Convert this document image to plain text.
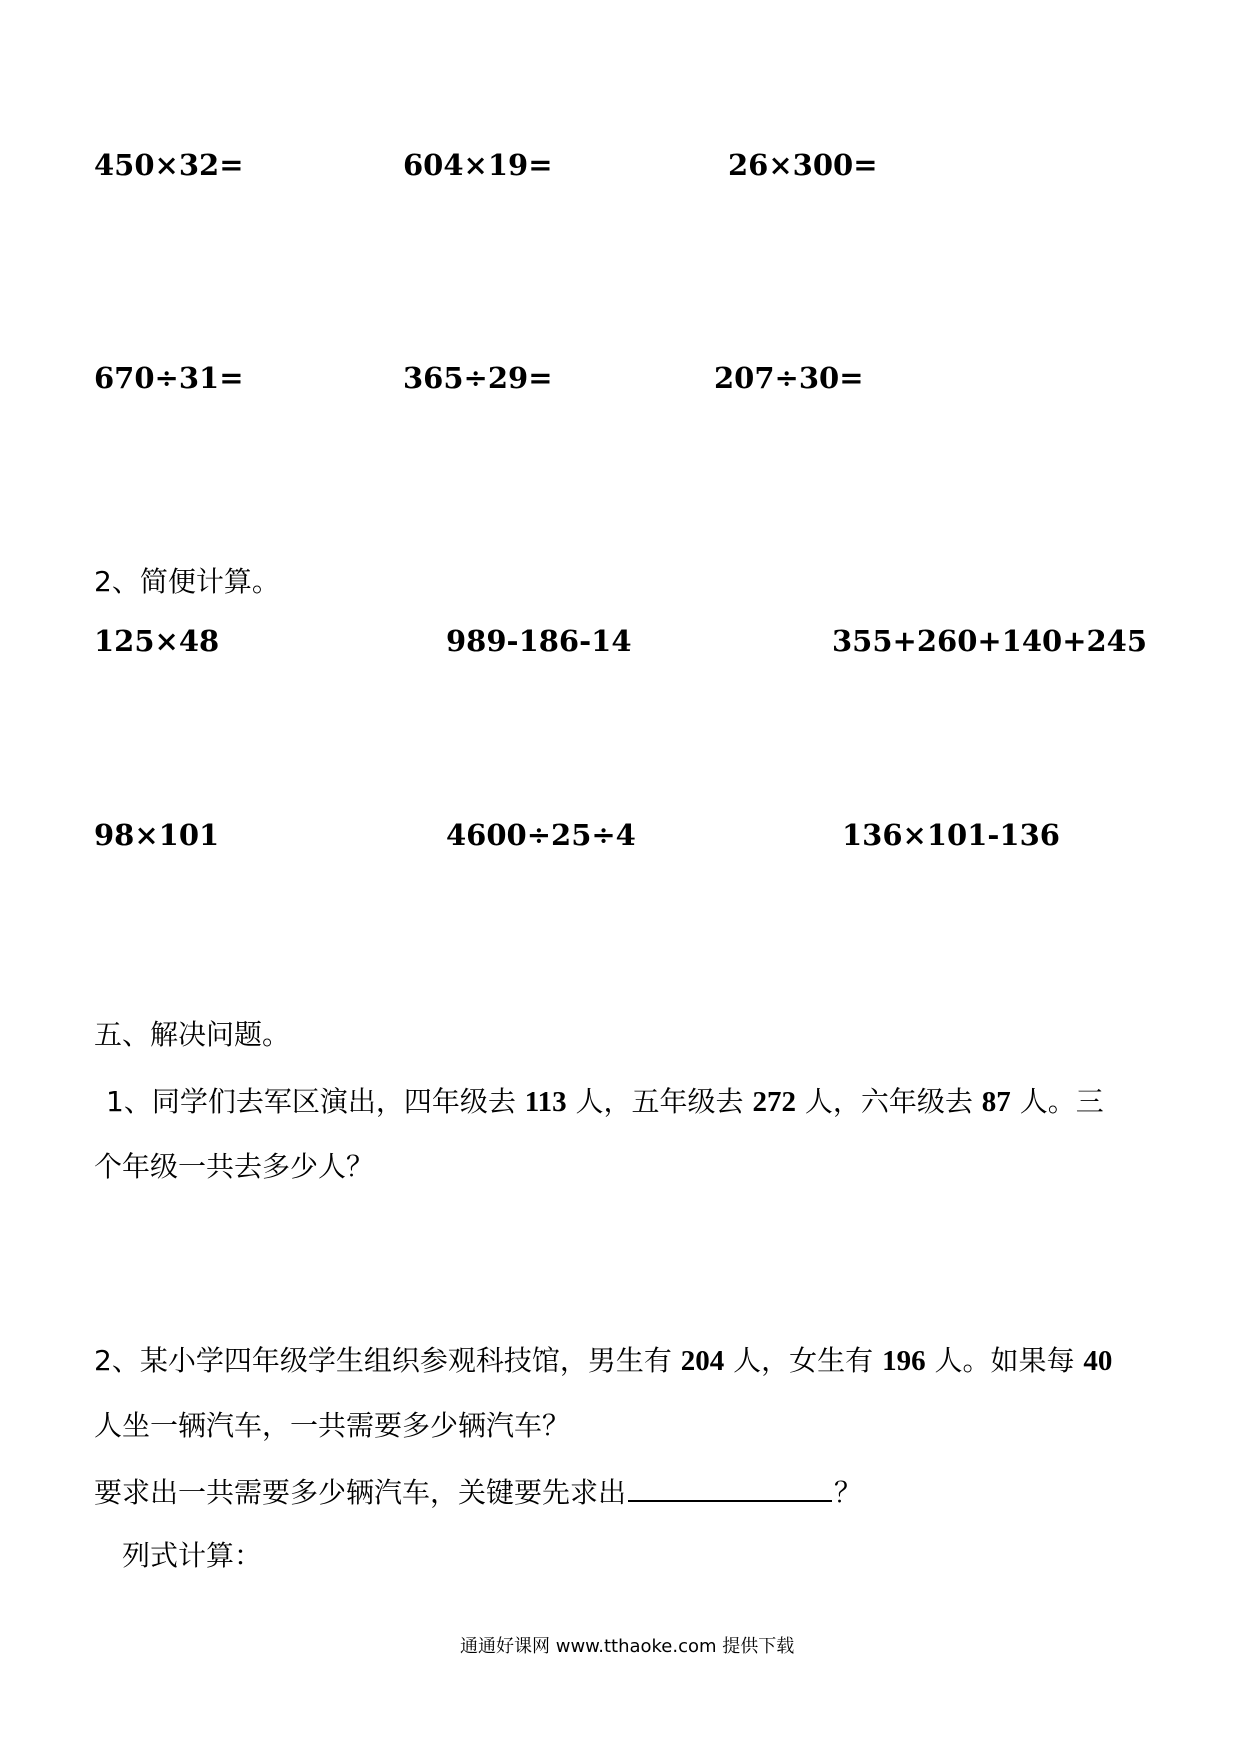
450×32=	604×19=	26×300=
670÷31=	365÷29=	207÷30=
2、简便计算。
125×48	989-186-14	355+260+140+245
98×101	4600÷25÷4	136×101-136
五、解决问题。
1、同学们去军区演出，四年级去 113 人，五年级去 272 人，六年级去 87 人。三
个年级一共去多少人？
2、某小学四年级学生组织参观科技馆，男生有 204 人，女生有 196 人。如果每 40
人坐一辆汽车，一共需要多少辆汽车？
要求出一共需要多少辆汽车，关键要先求出	？
列式计算：
通通好课网 www.tthaoke.com 提供下载
